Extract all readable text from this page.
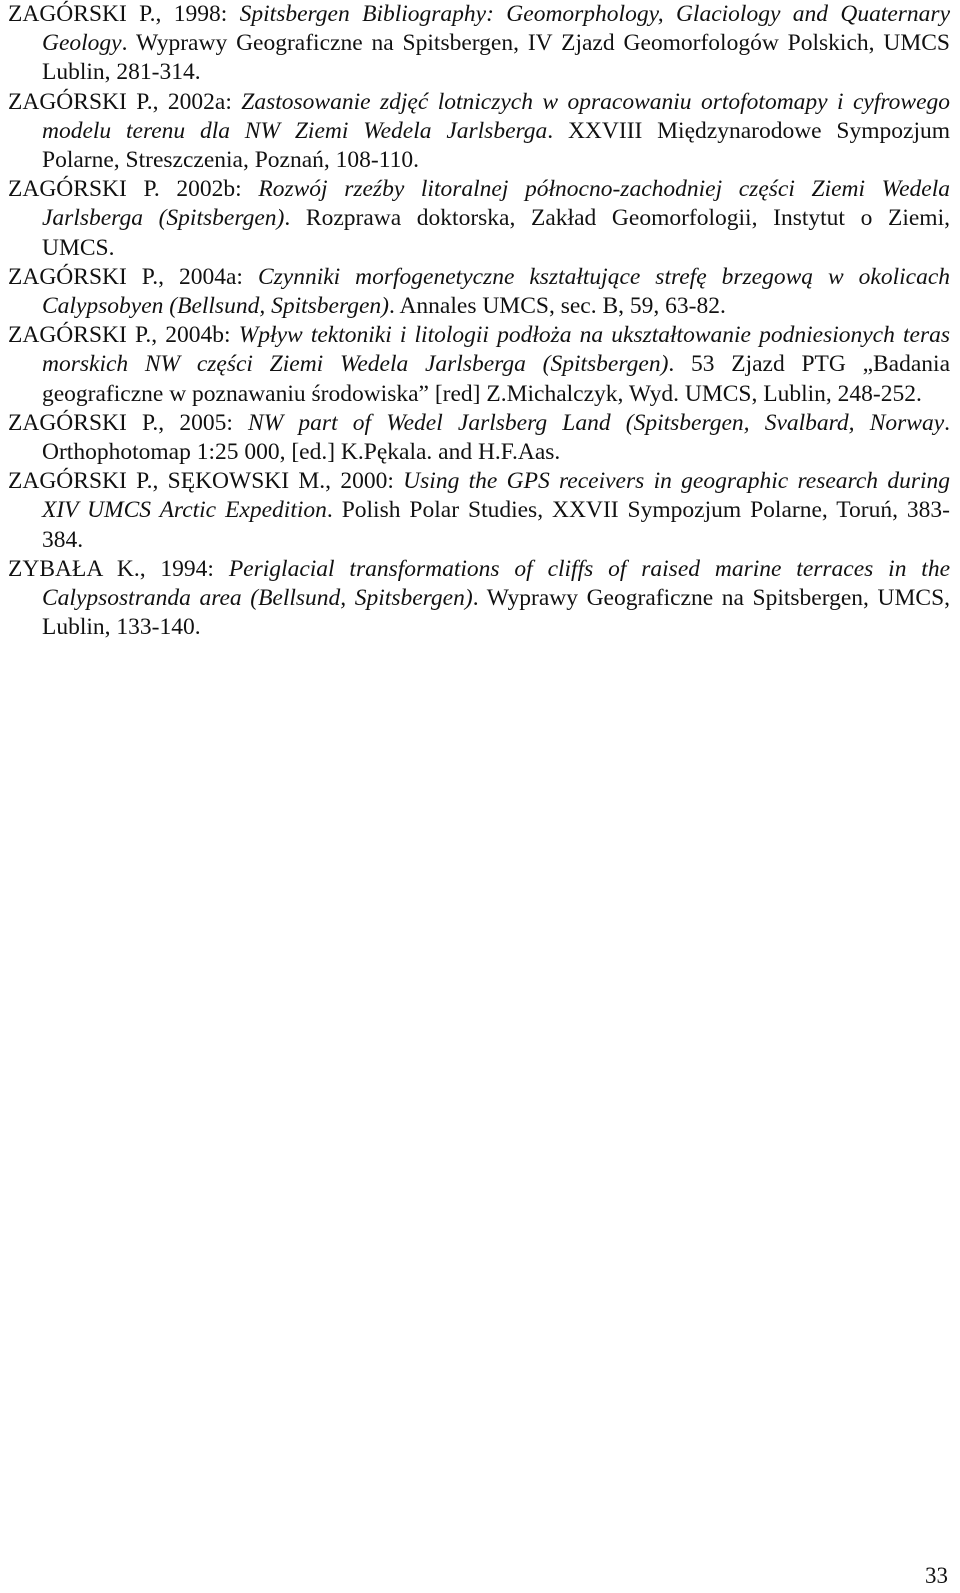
ZAGÓRSKI P., 1998: Spitsbergen Bibliography: Geomorphology, Glaciology and Quaternary Geology. Wyprawy Geograficzne na Spitsbergen, IV Zjazd Geomorfologów Polskich, UMCS Lublin, 281-314.

ZAGÓRSKI P., 2002a: Zastosowanie zdjęć lotniczych w opracowaniu ortofotomapy i cyfrowego modelu terenu dla NW Ziemi Wedela Jarlsberga. XXVIII Międzynarodowe Sympozjum Polarne, Streszczenia, Poznań, 108-110.

ZAGÓRSKI P. 2002b: Rozwój rzeźby litoralnej północno-zachodniej części Ziemi Wedela Jarlsberga (Spitsbergen). Rozprawa doktorska, Zakład Geomorfologii, Instytut o Ziemi, UMCS.

ZAGÓRSKI P., 2004a: Czynniki morfogenetyczne kształtujące strefę brzegową w okolicach Calypsobyen (Bellsund, Spitsbergen). Annales UMCS, sec. B, 59, 63-82.

ZAGÓRSKI P., 2004b: Wpływ tektoniki i litologii podłoża na ukształtowanie podniesionych teras morskich NW części Ziemi Wedela Jarlsberga (Spitsbergen). 53 Zjazd PTG „Badania geograficzne w poznawaniu środowiska” [red] Z.Michalczyk, Wyd. UMCS, Lublin, 248-252.

ZAGÓRSKI P., 2005: NW part of Wedel Jarlsberg Land (Spitsbergen, Svalbard, Norway. Orthophotomap 1:25 000, [ed.] K.Pękala. and H.F.Aas.

ZAGÓRSKI P., SĘKOWSKI M., 2000: Using the GPS receivers in geographic research during XIV UMCS Arctic Expedition. Polish Polar Studies, XXVII Sympozjum Polarne, Toruń, 383-384.

ZYBAŁA K., 1994: Periglacial transformations of cliffs of raised marine terraces in the Calypsostranda area (Bellsund, Spitsbergen). Wyprawy Geograficzne na Spitsbergen, UMCS, Lublin, 133-140.

33
